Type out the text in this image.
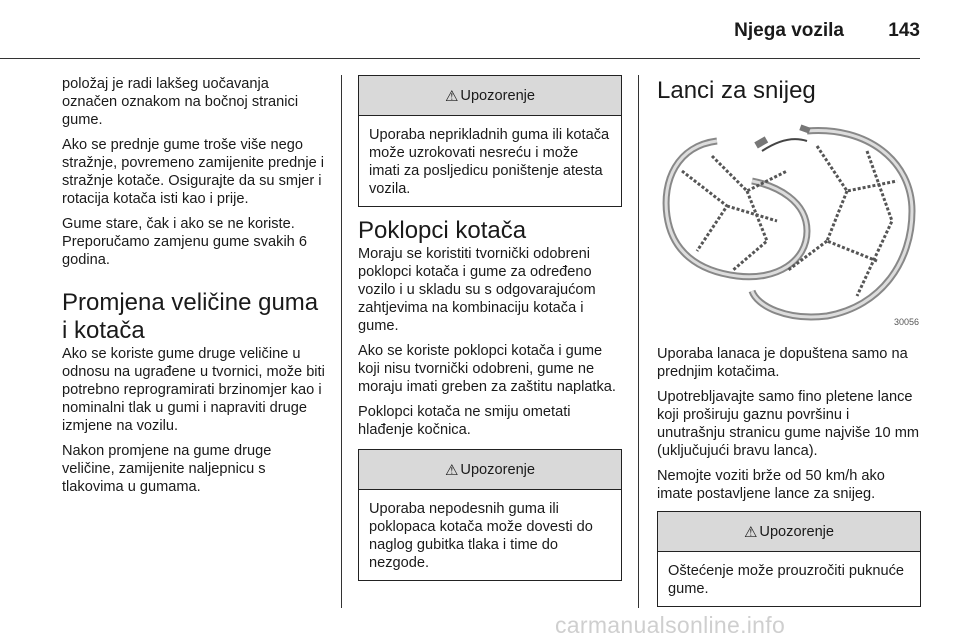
Njega vozila 143

položaj je radi lakšeg uočavanja označen oznakom na bočnoj stranici gume.

Ako se prednje gume troše više nego stražnje, povremeno zamijenite prednje i stražnje kotače. Osigurajte da su smjer i rotacija kotača isti kao i prije.

Gume stare, čak i ako se ne koriste. Preporučamo zamjenu gume svakih 6 godina.

Promjena veličine guma i kotača

Ako se koriste gume druge veličine u odnosu na ugrađene u tvornici, može biti potrebno reprogramirati brzinomjer kao i nominalni tlak u gumi i napraviti druge izmjene na vozilu.

Nakon promjene na gume druge veličine, zamijenite naljepnicu s tlakovima u gumama.

⚠ Upozorenje

Uporaba neprikladnih guma ili kotača može uzrokovati nesreću i može imati za posljedicu poništenje atesta vozila.

Poklopci kotača

Moraju se koristiti tvornički odobreni poklopci kotača i gume za određeno vozilo i u skladu su s odgovarajućom zahtjevima na kombinaciju kotača i gume.

Ako se koriste poklopci kotača i gume koji nisu tvornički odobreni, gume ne moraju imati greben za zaštitu naplatka.

Poklopci kotača ne smiju ometati hlađenje kočnica.

⚠ Upozorenje

Uporaba nepodesnih guma ili poklopaca kotača može dovesti do naglog gubitka tlaka i time do nezgode.

Lanci za snijeg
30056

Uporaba lanaca je dopuštena samo na prednjim kotačima.

Upotrebljavajte samo fino pletene lance koji proširuju gaznu površinu i unutrašnju stranicu gume najviše 10 mm (uključujući bravu lanca).

Nemojte voziti brže od 50 km/h ako imate postavljene lance za snijeg.

⚠ Upozorenje

Oštećenje može prouzročiti puknuće gume.

carmanualsonline.info
